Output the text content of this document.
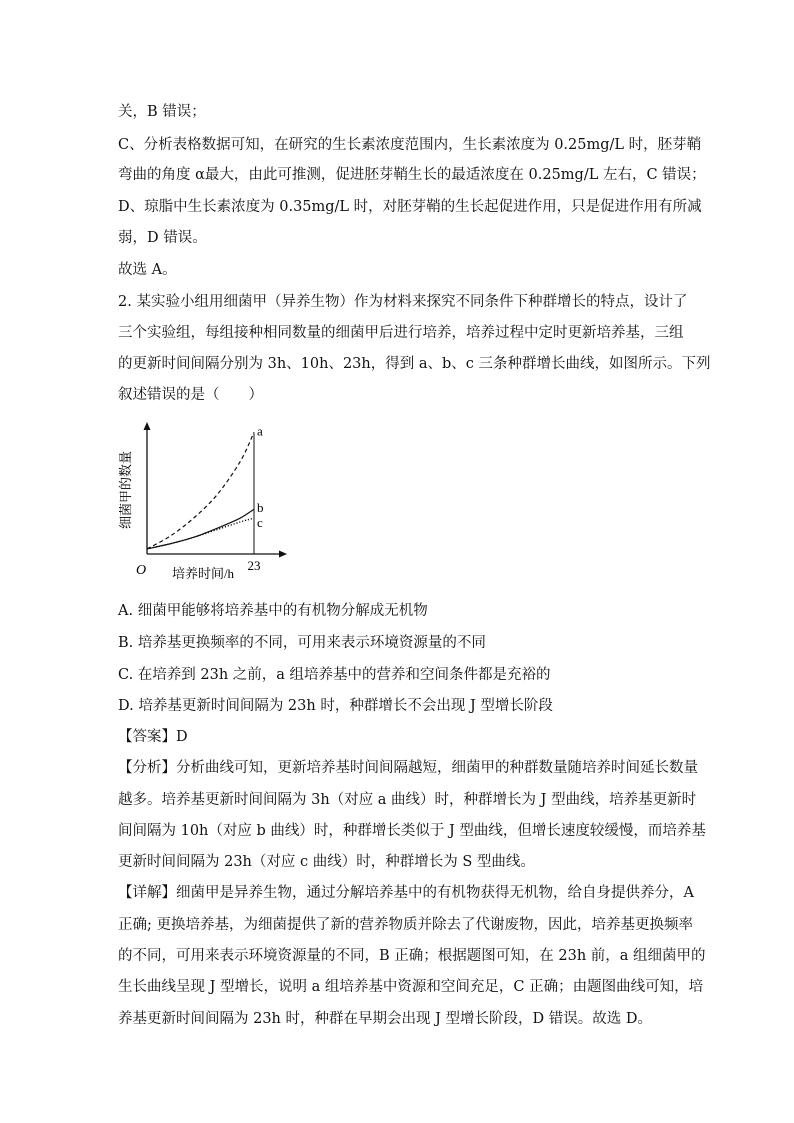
关，B 错误；
C、分析表格数据可知，在研究的生长素浓度范围内，生长素浓度为 0.25mg/L 时，胚芽鞘
弯曲的角度 α最大，由此可推测，促进胚芽鞘生长的最适浓度在 0.25mg/L 左右，C 错误；
D、琼脂中生长素浓度为 0.35mg/L 时，对胚芽鞘的生长起促进作用，只是促进作用有所减
弱，D 错误。
故选 A。
2. 某实验小组用细菌甲（异养生物）作为材料来探究不同条件下种群增长的特点，设计了
三个实验组，每组接种相同数量的细菌甲后进行培养，培养过程中定时更新培养基，三组
的更新时间间隔分别为 3h、10h、23h，得到 a、b、c 三条种群增长曲线，如图所示。下列
叙述错误的是（　　）
细菌甲的数量
O 培养时间/h
23
a
b
c
A. 细菌甲能够将培养基中的有机物分解成无机物
B. 培养基更换频率的不同，可用来表示环境资源量的不同
C. 在培养到 23h 之前，a 组培养基中的营养和空间条件都是充裕的
D. 培养基更新时间间隔为 23h 时，种群增长不会出现 J 型增长阶段
【答案】D
【分析】分析曲线可知，更新培养基时间间隔越短，细菌甲的种群数量随培养时间延长数量
越多。培养基更新时间间隔为 3h（对应 a 曲线）时，种群增长为 J 型曲线，培养基更新时
间间隔为 10h（对应 b 曲线）时，种群增长类似于 J 型曲线，但增长速度较缓慢，而培养基
更新时间间隔为 23h（对应 c 曲线）时，种群增长为 S 型曲线。
【详解】细菌甲是异养生物，通过分解培养基中的有机物获得无机物，给自身提供养分，A
正确; 更换培养基，为细菌提供了新的营养物质并除去了代谢废物，因此，培养基更换频率
的不同，可用来表示环境资源量的不同，B 正确；根据题图可知，在 23h 前，a 组细菌甲的
生长曲线呈现 J 型增长，说明 a 组培养基中资源和空间充足，C 正确；由题图曲线可知，培
养基更新时间间隔为 23h 时，种群在早期会出现 J 型增长阶段，D 错误。故选 D。
